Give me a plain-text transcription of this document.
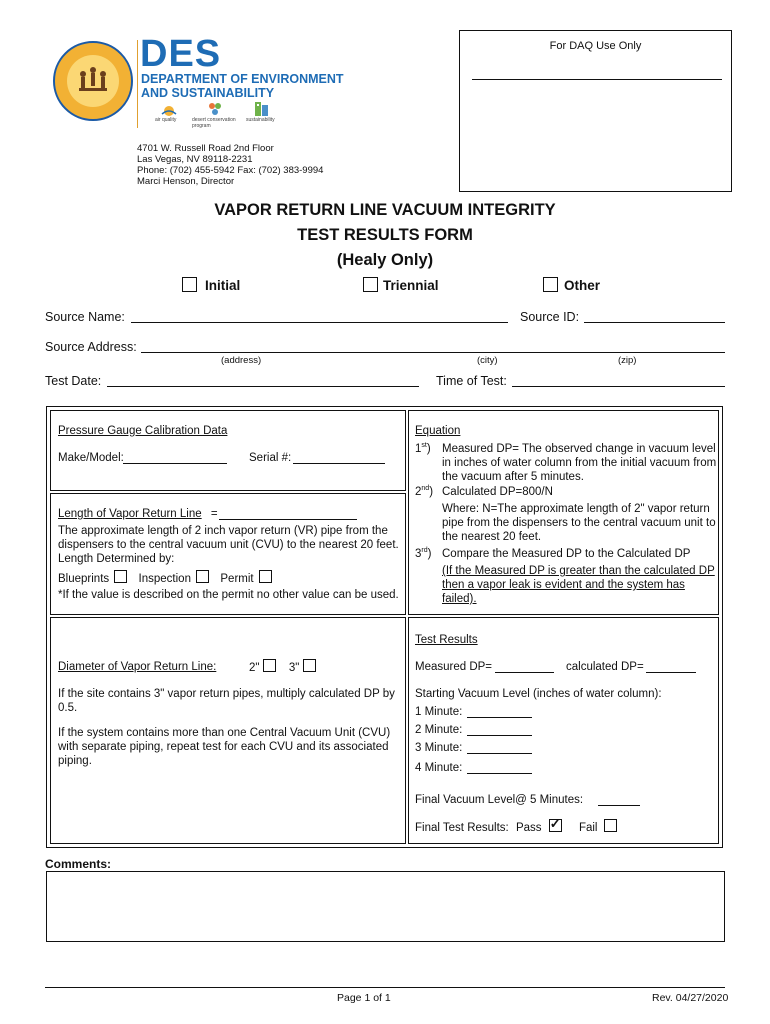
DES
DEPARTMENT OF ENVIRONMENT
AND SUSTAINABILITY
air quality	desert conservation program
sustainability
4701 W. Russell Road 2nd Floor
Las Vegas, NV 89118-2231
Phone: (702) 455-5942 Fax: (702) 383-9994
Marci Henson, Director
For DAQ Use Only
VAPOR RETURN LINE VACUUM INTEGRITY
TEST RESULTS FORM
(Healy Only)
Initial	Triennial	Other
Source Name:	Source ID:
Source Address:
(address)	(city)	(zip)
Test Date:	Time of Test:
Pressure Gauge Calibration Data
Make/Model:	Serial #:
Length of Vapor Return Line =
The approximate length of 2 inch vapor return (VR) pipe from the
dispensers to the central vacuum unit (CVU) to the nearest 20 feet.
Length Determined by:
Blueprints	Inspection	Permit
*If the value is described on the permit no other value can be used.
Equation
1st) Measured DP= The observed change in vacuum level
in inches of water column from the initial vacuum from
the vacuum after 5 minutes.
2nd) Calculated DP=800/N
Where: N=The approximate length of 2" vapor return
pipe from the dispensers to the central vacuum unit to
the nearest 20 feet.
3rd) Compare the Measured DP to the Calculated DP
(If the Measured DP is greater than the calculated DP
then a vapor leak is evident and the system has
failed).
Diameter of Vapor Return Line:	2"	3"
If the site contains 3" vapor return pipes, multiply calculated DP by
0.5.
If the system contains more than one Central Vacuum Unit (CVU)
with separate piping, repeat test for each CVU and its associated
piping.
Test Results
Measured DP=	calculated DP=
Starting Vacuum Level (inches of water column):
1 Minute:
2 Minute:
3 Minute:
4 Minute:
Final Vacuum Level@ 5 Minutes:
Final Test Results: Pass ✓ Fail
Comments:
Page 1 of 1	Rev. 04/27/2020
